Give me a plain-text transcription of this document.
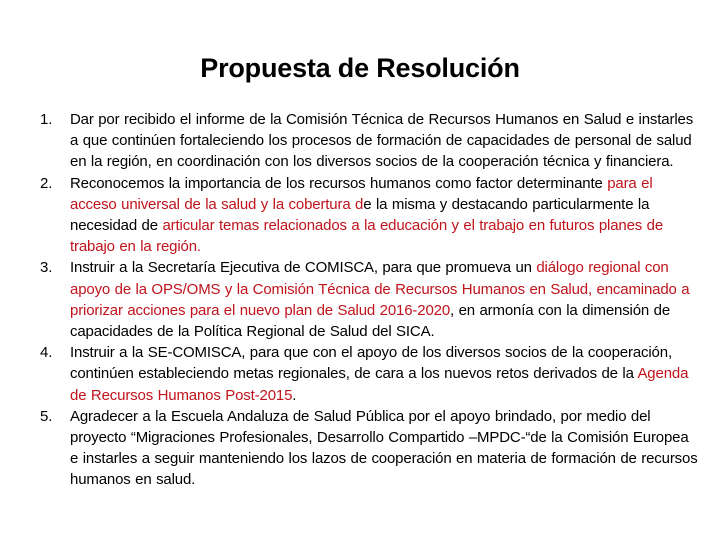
Propuesta de Resolución
1.	Dar por recibido el informe de la Comisión Técnica de Recursos Humanos en Salud e instarles a que continúen fortaleciendo los procesos de formación de capacidades de personal de salud en la región, en coordinación con los diversos socios de la cooperación técnica y financiera.
2.	Reconocemos la importancia de los recursos humanos como factor determinante para el acceso universal de la salud y la cobertura de la misma y destacando particularmente la necesidad de articular temas relacionados a la educación y el trabajo en futuros planes de trabajo en la región.
3.	Instruir a la Secretaría Ejecutiva de COMISCA, para que promueva un diálogo regional con apoyo de la OPS/OMS y la Comisión Técnica de Recursos Humanos en Salud, encaminado a priorizar acciones para el nuevo plan de Salud 2016-2020, en armonía con la dimensión de capacidades de la Política Regional de Salud del SICA.
4.	Instruir a la SE-COMISCA, para que con el apoyo de los diversos socios de la cooperación, continúen estableciendo metas regionales, de cara a los nuevos retos derivados de la Agenda de Recursos Humanos Post-2015.
5.	Agradecer a la Escuela Andaluza de Salud Pública por el apoyo brindado, por medio del proyecto “Migraciones Profesionales, Desarrollo Compartido –MPDC-“de la Comisión Europea e instarles a seguir manteniendo los lazos de cooperación en materia de formación de recursos humanos en salud.
